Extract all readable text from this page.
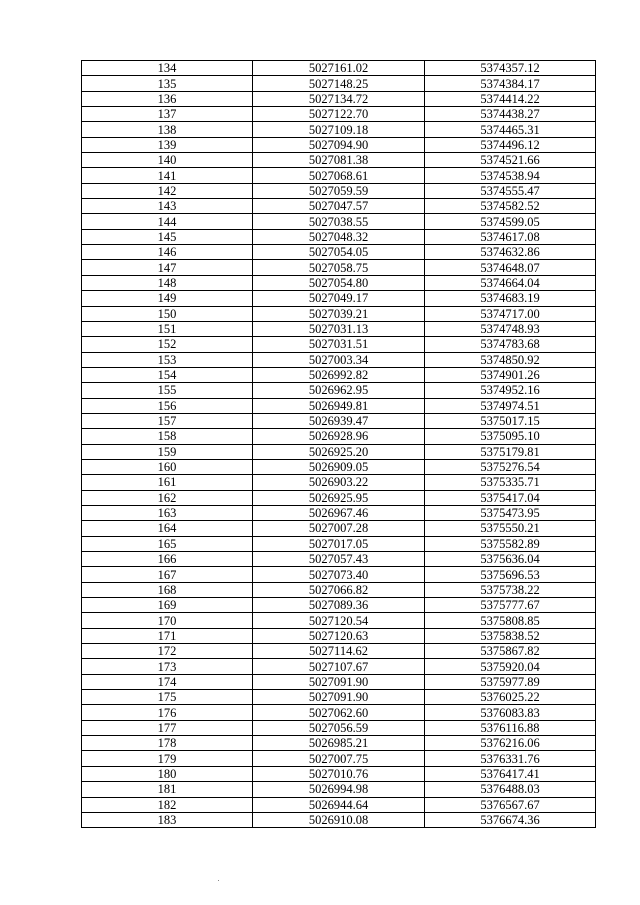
134	5027161.02	5374357.12
135	5027148.25	5374384.17
136	5027134.72	5374414.22
137	5027122.70	5374438.27
138	5027109.18	5374465.31
139	5027094.90	5374496.12
140	5027081.38	5374521.66
141	5027068.61	5374538.94
142	5027059.59	5374555.47
143	5027047.57	5374582.52
144	5027038.55	5374599.05
145	5027048.32	5374617.08
146	5027054.05	5374632.86
147	5027058.75	5374648.07
148	5027054.80	5374664.04
149	5027049.17	5374683.19
150	5027039.21	5374717.00
151	5027031.13	5374748.93
152	5027031.51	5374783.68
153	5027003.34	5374850.92
154	5026992.82	5374901.26
155	5026962.95	5374952.16
156	5026949.81	5374974.51
157	5026939.47	5375017.15
158	5026928.96	5375095.10
159	5026925.20	5375179.81
160	5026909.05	5375276.54
161	5026903.22	5375335.71
162	5026925.95	5375417.04
163	5026967.46	5375473.95
164	5027007.28	5375550.21
165	5027017.05	5375582.89
166	5027057.43	5375636.04
167	5027073.40	5375696.53
168	5027066.82	5375738.22
169	5027089.36	5375777.67
170	5027120.54	5375808.85
171	5027120.63	5375838.52
172	5027114.62	5375867.82
173	5027107.67	5375920.04
174	5027091.90	5375977.89
175	5027091.90	5376025.22
176	5027062.60	5376083.83
177	5027056.59	5376116.88
178	5026985.21	5376216.06
179	5027007.75	5376331.76
180	5027010.76	5376417.41
181	5026994.98	5376488.03
182	5026944.64	5376567.67
183	5026910.08	5376674.36
